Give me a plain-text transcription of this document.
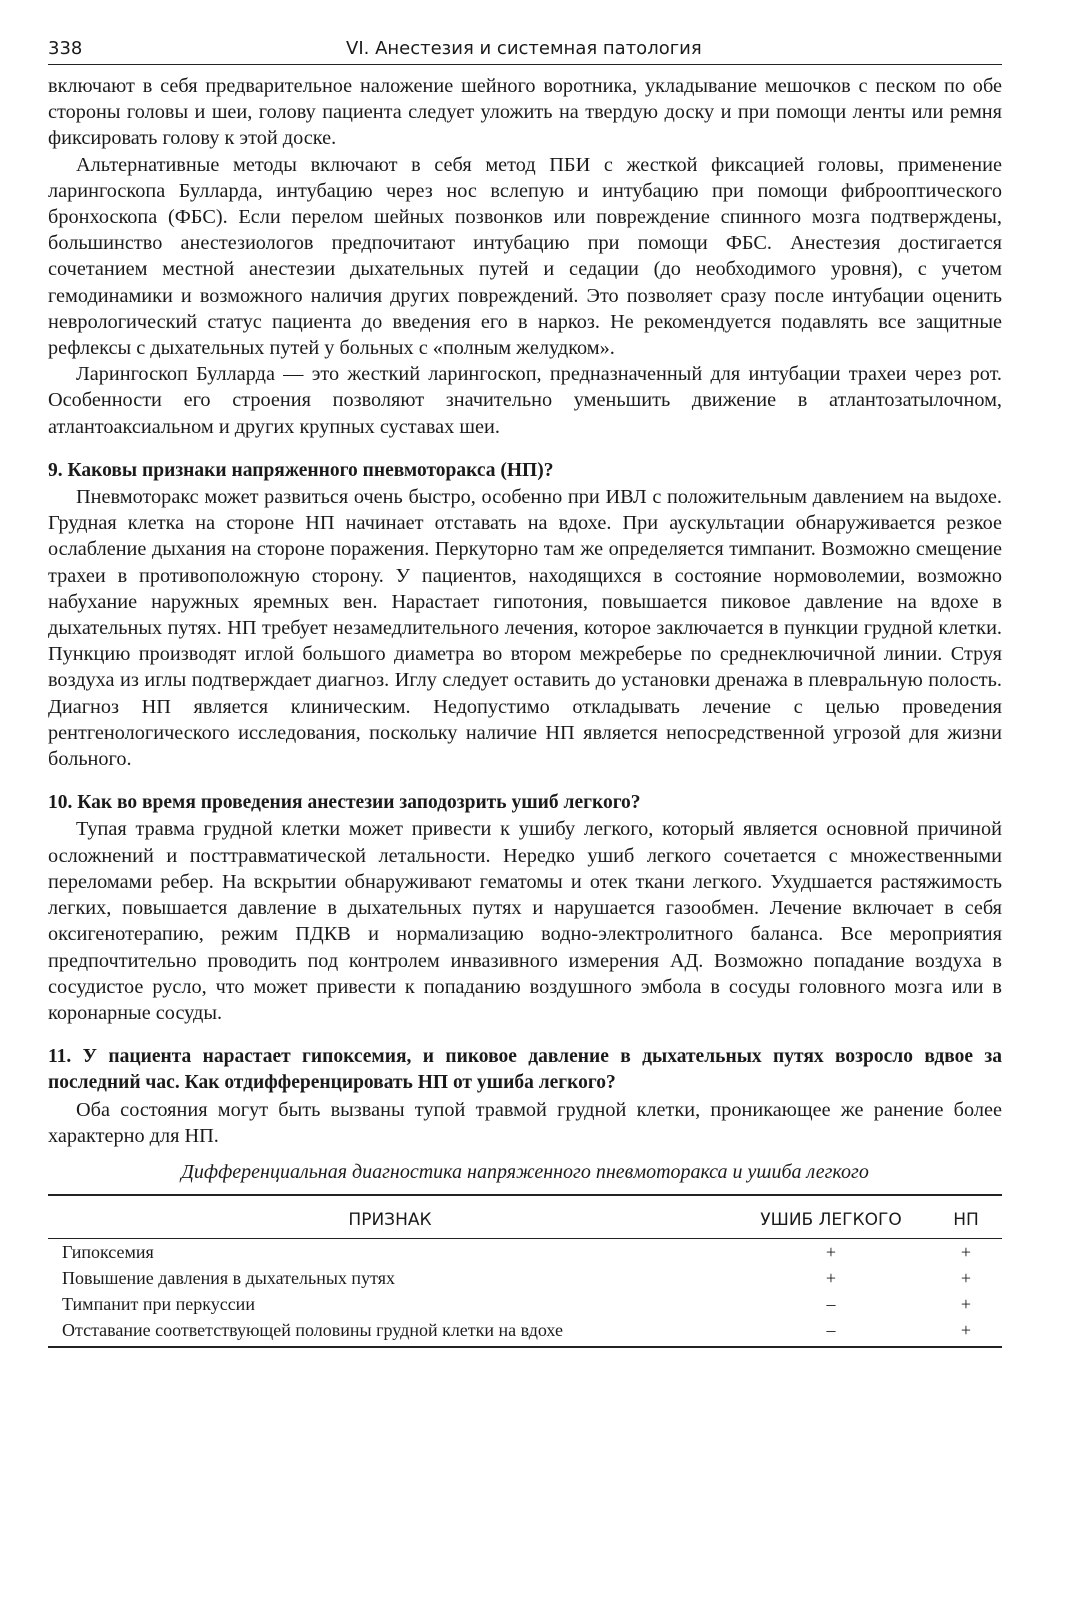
338	VI. Анестезия и системная патология

включают в себя предварительное наложение шейного воротника, укладывание мешочков с песком по обе стороны головы и шеи, голову пациента следует уложить на твердую доску и при помощи ленты или ремня фиксировать голову к этой доске.

Альтернативные методы включают в себя метод ПБИ с жесткой фиксацией головы, применение ларингоскопа Булларда, интубацию через нос вслепую и интубацию при помощи фиброоптического бронхоскопа (ФБС). Если перелом шейных позвонков или повреждение спинного мозга подтверждены, большинство анестезиологов предпочитают интубацию при помощи ФБС. Анестезия достигается сочетанием местной анестезии дыхательных путей и седации (до необходимого уровня), с учетом гемодинамики и возможного наличия других повреждений. Это позволяет сразу после интубации оценить неврологический статус пациента до введения его в наркоз. Не рекомендуется подавлять все защитные рефлексы с дыхательных путей у больных с «полным желудком».

Ларингоскоп Булларда — это жесткий ларингоскоп, предназначенный для интубации трахеи через рот. Особенности его строения позволяют значительно уменьшить движение в атлантозатылочном, атлантоаксиальном и других крупных суставах шеи.

9. Каковы признаки напряженного пневмоторакса (НП)?

Пневмоторакс может развиться очень быстро, особенно при ИВЛ с положительным давлением на выдохе. Грудная клетка на стороне НП начинает отставать на вдохе. При аускультации обнаруживается резкое ослабление дыхания на стороне поражения. Перкуторно там же определяется тимпанит. Возможно смещение трахеи в противоположную сторону. У пациентов, находящихся в состояние нормоволемии, возможно набухание наружных яремных вен. Нарастает гипотония, повышается пиковое давление на вдохе в дыхательных путях. НП требует незамедлительного лечения, которое заключается в пункции грудной клетки. Пункцию производят иглой большого диаметра во втором межреберье по среднеключичной линии. Струя воздуха из иглы подтверждает диагноз. Иглу следует оставить до установки дренажа в плевральную полость. Диагноз НП является клиническим. Недопустимо откладывать лечение с целью проведения рентгенологического исследования, поскольку наличие НП является непосредственной угрозой для жизни больного.

10. Как во время проведения анестезии заподозрить ушиб легкого?

Тупая травма грудной клетки может привести к ушибу легкого, который является основной причиной осложнений и посттравматической летальности. Нередко ушиб легкого сочетается с множественными переломами ребер. На вскрытии обнаруживают гематомы и отек ткани легкого. Ухудшается растяжимость легких, повышается давление в дыхательных путях и нарушается газообмен. Лечение включает в себя оксигенотерапию, режим ПДКВ и нормализацию водно-электролитного баланса. Все мероприятия предпочтительно проводить под контролем инвазивного измерения АД. Возможно попадание воздуха в сосудистое русло, что может привести к попаданию воздушного эмбола в сосуды головного мозга или в коронарные сосуды.

11. У пациента нарастает гипоксемия, и пиковое давление в дыхательных путях возросло вдвое за последний час. Как отдифференцировать НП от ушиба легкого?

Оба состояния могут быть вызваны тупой травмой грудной клетки, проникающее же ранение более характерно для НП.

Дифференциальная диагностика напряженного пневмоторакса и ушиба легкого
ПРИЗНАК	УШИБ ЛЕГКОГО	НП
Гипоксемия	+	+
Повышение давления в дыхательных путях	+	+
Тимпанит при перкуссии	–	+
Отставание соответствующей половины грудной клетки на вдохе	–	+
